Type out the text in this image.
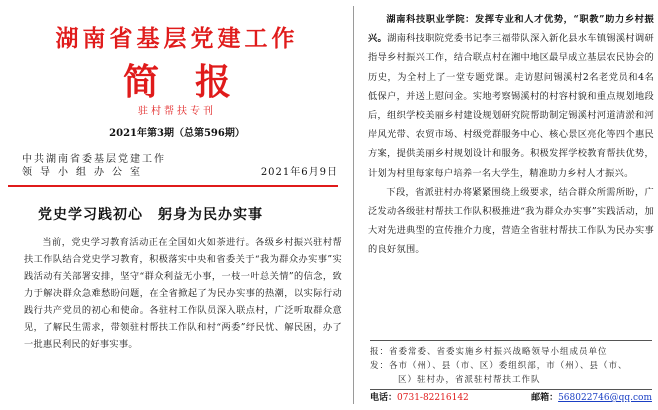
湖南省基层党建工作
简报
驻村帮扶专刊
2021年第3期（总第596期）
中共湖南省委基层党建工作
领导小组办公室	2021年6月9日
党史学习践初心　躬身为民办实事

当前，党史学习教育活动正在全国如火如荼进行。各级乡村振兴驻村帮扶工作队结合党史学习教育，积极落实中央和省委关于“我为群众办实事”实践活动有关部署安排，坚守“群众利益无小事，一枝一叶总关情”的信念，致力于解决群众急难愁盼问题，在全省掀起了为民办实事的热潮，以实际行动践行共产党员的初心和使命。各驻村工作队员深入联点村，广泛听取群众意见，了解民生需求，带领驻村帮扶工作队和村“两委”纾民忧、解民困，办了一批惠民利民的好事实事。

湖南科技职业学院：发挥专业和人才优势，“职教”助力乡村振兴。湖南科技职院党委书记李三福带队深入新化县水车镇锡溪村调研指导乡村振兴工作，结合联点村在湘中地区最早成立基层农民协会的历史，为全村上了一堂专题党课。走访慰问锡溪村2名老党员和4名低保户，并送上慰问金。实地考察锡溪村的村容村貌和重点规划地段后，组织学校美丽乡村建设规划研究院帮助制定锡溪村河道清淤和河岸风光带、农贸市场、村级党群服务中心、核心景区亮化等四个惠民方案，提供美丽乡村规划设计和服务。积极发挥学校教育帮扶优势，计划为村里每家每户培养一名大学生，精准助力乡村人才振兴。

下段，省派驻村办将紧紧围绕上级要求，结合群众所需所盼，广泛发动各级驻村帮扶工作队积极推进“我为群众办实事”实践活动，加大对先进典型的宣传推介力度，营造全省驻村帮扶工作队为民办实事的良好氛围。

报：省委常委、省委实施乡村振兴战略领导小组成员单位
发：各市（州）、县（市、区）委组织部，市（州）、县（市、
区）驻村办，省派驻村帮扶工作队
电话：0731-82216142	邮箱：568022746@qq.com
